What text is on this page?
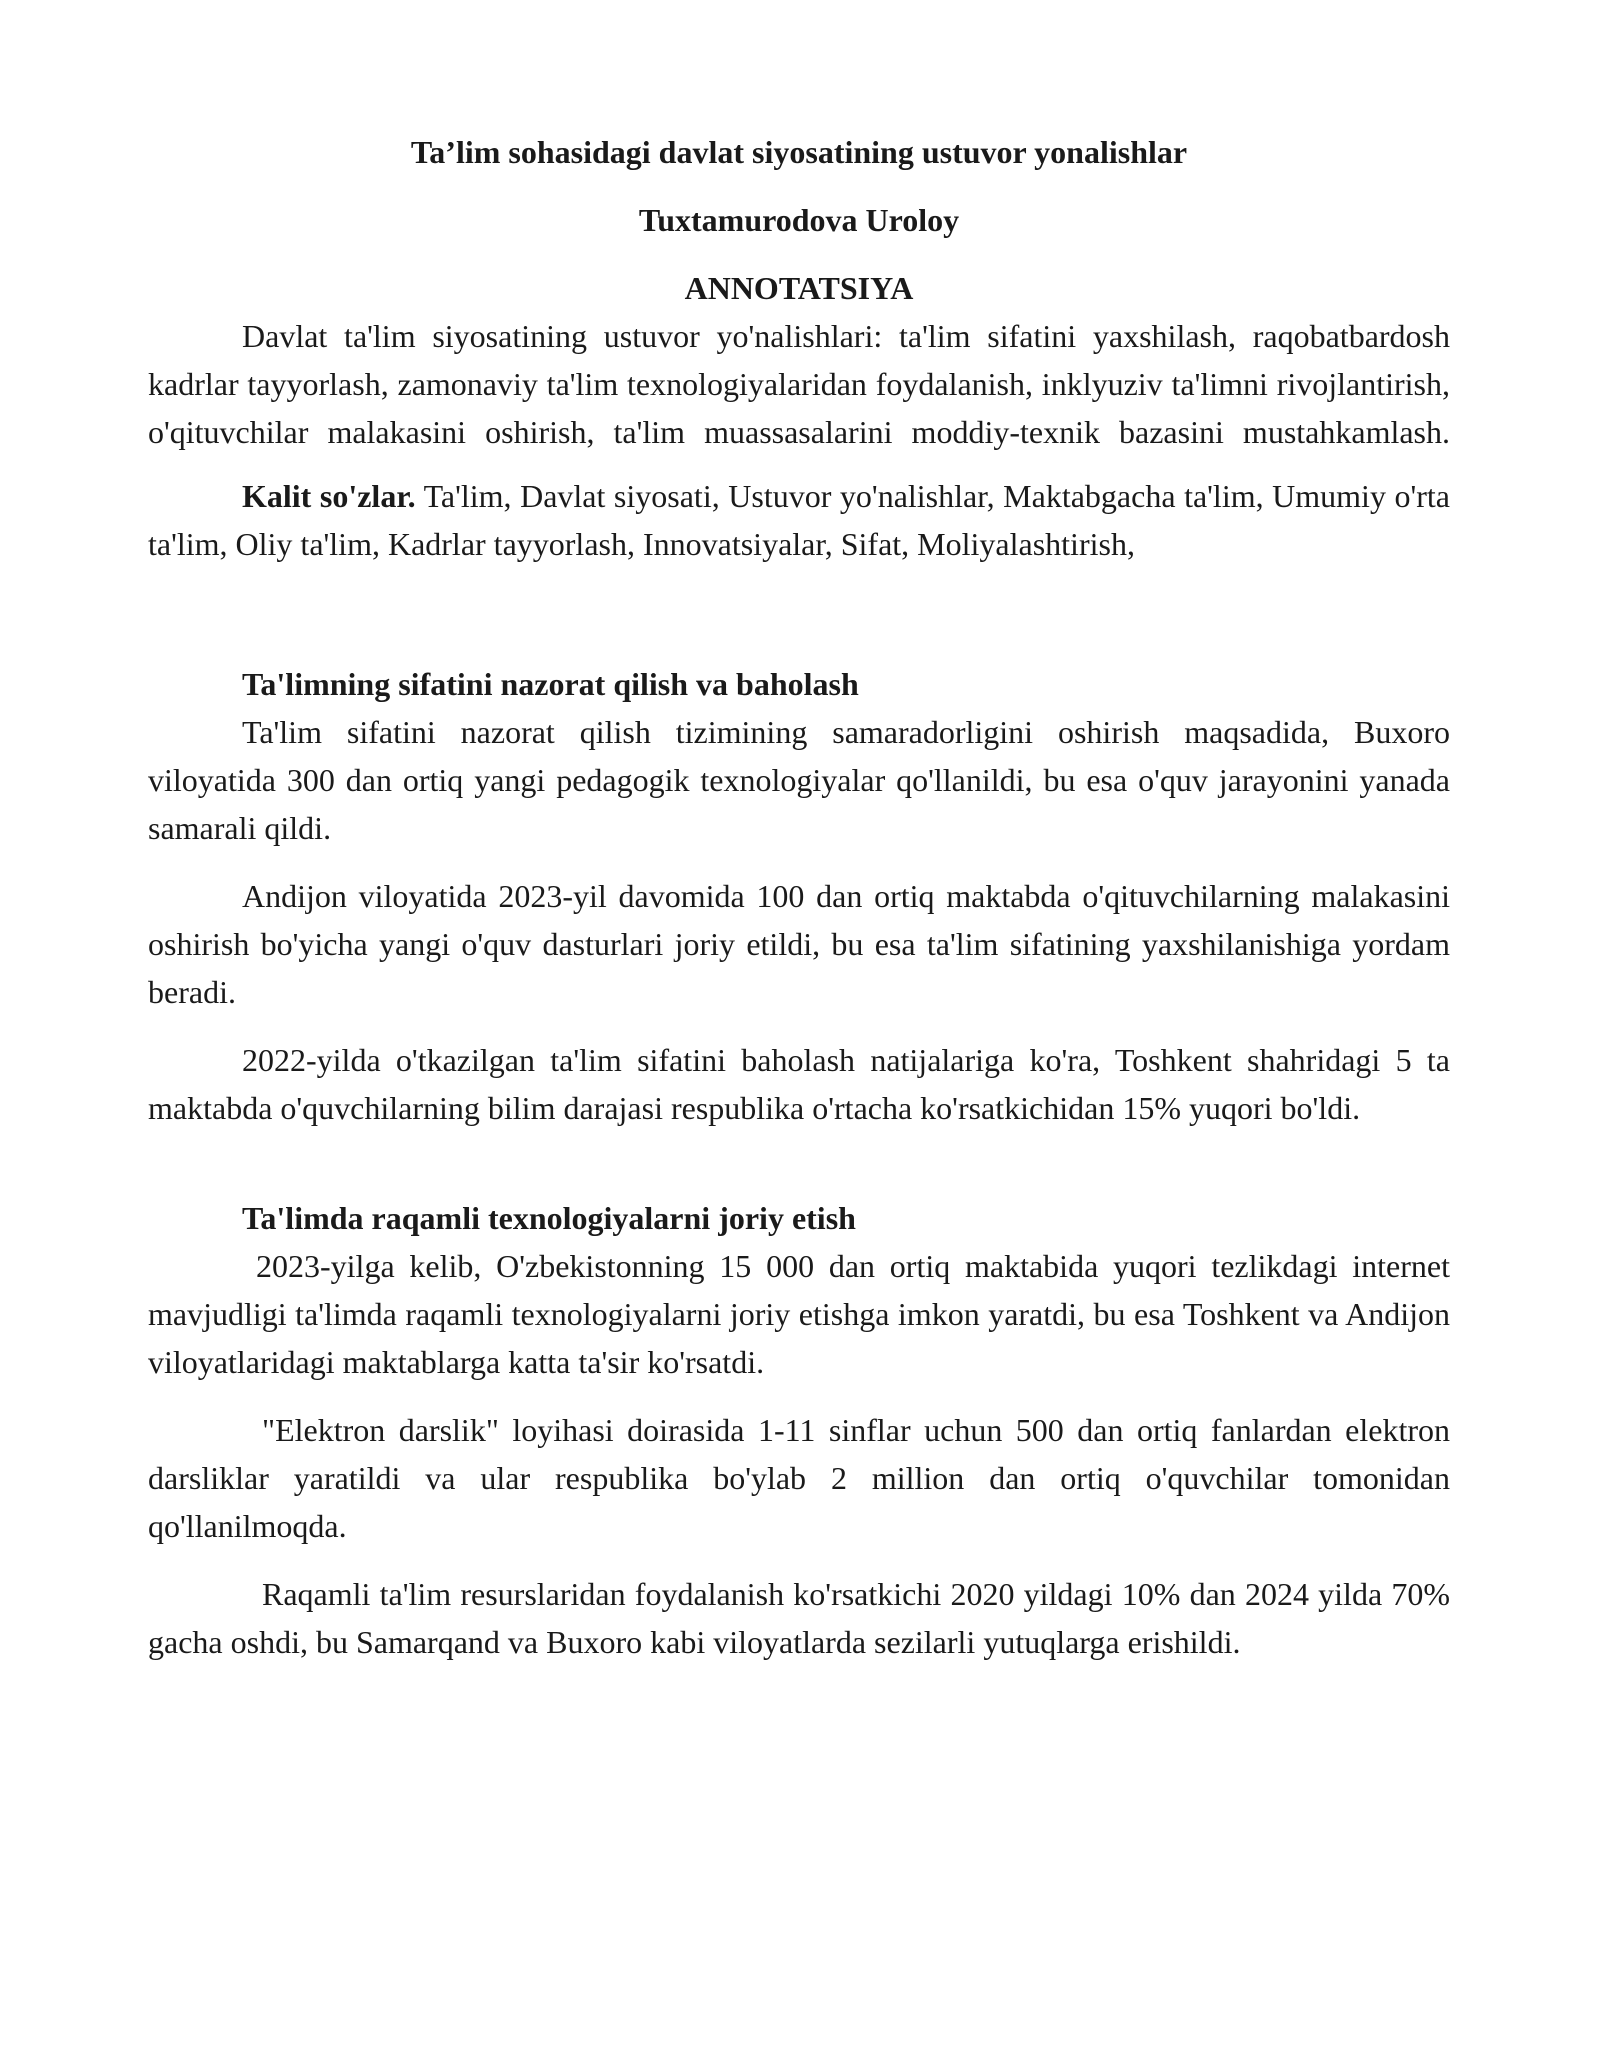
Ta’lim sohasidagi davlat siyosatining ustuvor yonalishlar
Tuxtamurodova Uroloy
ANNOTATSIYA

Davlat ta'lim siyosatining ustuvor yo'nalishlari: ta'lim sifatini yaxshilash, raqobatbardosh kadrlar tayyorlash, zamonaviy ta'lim texnologiyalaridan foydalanish, inklyuziv ta'limni rivojlantirish, o'qituvchilar malakasini oshirish, ta'lim muassasalarini moddiy-texnik bazasini mustahkamlash.

Kalit so'zlar. Ta'lim, Davlat siyosati, Ustuvor yo'nalishlar, Maktabgacha ta'lim, Umumiy o'rta ta'lim, Oliy ta'lim, Kadrlar tayyorlash, Innovatsiyalar, Sifat, Moliyalashtirish,

Ta'limning sifatini nazorat qilish va baholash

Ta'lim sifatini nazorat qilish tizimining samaradorligini oshirish maqsadida, Buxoro viloyatida 300 dan ortiq yangi pedagogik texnologiyalar qo'llanildi, bu esa o'quv jarayonini yanada samarali qildi.

Andijon viloyatida 2023-yil davomida 100 dan ortiq maktabda o'qituvchilarning malakasini oshirish bo'yicha yangi o'quv dasturlari joriy etildi, bu esa ta'lim sifatining yaxshilanishiga yordam beradi.

2022-yilda o'tkazilgan ta'lim sifatini baholash natijalariga ko'ra, Toshkent shahridagi 5 ta maktabda o'quvchilarning bilim darajasi respublika o'rtacha ko'rsatkichidan 15% yuqori bo'ldi.

Ta'limda raqamli texnologiyalarni joriy etish

2023-yilga kelib, O'zbekistonning 15 000 dan ortiq maktabida yuqori tezlikdagi internet mavjudligi ta'limda raqamli texnologiyalarni joriy etishga imkon yaratdi, bu esa Toshkent va Andijon viloyatlaridagi maktablarga katta ta'sir ko'rsatdi.

"Elektron darslik" loyihasi doirasida 1-11 sinflar uchun 500 dan ortiq fanlardan elektron darsliklar yaratildi va ular respublika bo'ylab 2 million dan ortiq o'quvchilar tomonidan qo'llanilmoqda.

Raqamli ta'lim resurslaridan foydalanish ko'rsatkichi 2020 yildagi 10% dan 2024 yilda 70% gacha oshdi, bu Samarqand va Buxoro kabi viloyatlarda sezilarli yutuqlarga erishildi.
